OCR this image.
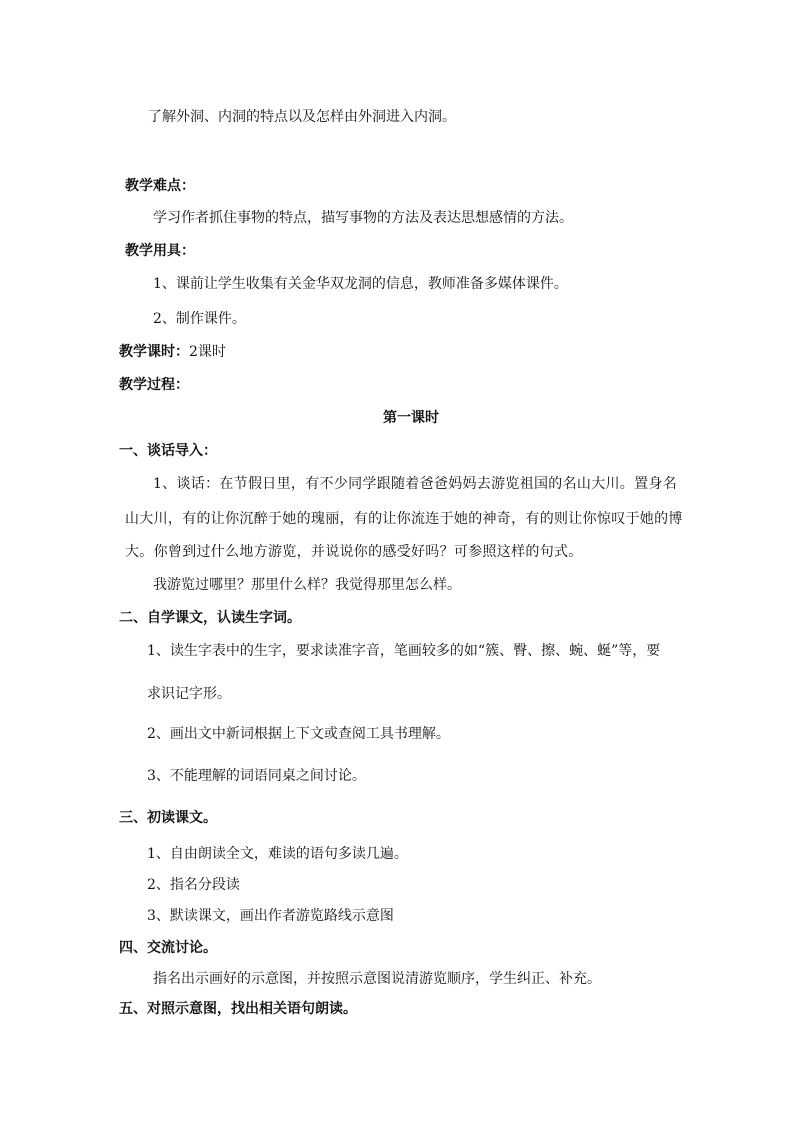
了解外洞、内洞的特点以及怎样由外洞进入内洞。
教学难点：
学习作者抓住事物的特点，描写事物的方法及表达思想感情的方法。
教学用具：
1、课前让学生收集有关金华双龙洞的信息，教师准备多媒体课件。
2、制作课件。
教学课时：2课时
教学过程：
第一课时
一、谈话导入：
1、谈话：在节假日里，有不少同学跟随着爸爸妈妈去游览祖国的名山大川。置身名
山大川，有的让你沉醉于她的瑰丽，有的让你流连于她的神奇，有的则让你惊叹于她的博
大。你曾到过什么地方游览，并说说你的感受好吗？可参照这样的句式。
我游览过哪里？那里什么样？我觉得那里怎么样。
二、自学课文，认读生字词。
1、读生字表中的生字，要求读准字音，笔画较多的如“簇、臀、擦、蜿、蜒”等，要
求识记字形。
2、画出文中新词根据上下文或查阅工具书理解。
3、不能理解的词语同桌之间讨论。
三、初读课文。
1、自由朗读全文，难读的语句多读几遍。
2、指名分段读
3、默读课文，画出作者游览路线示意图
四、交流讨论。
指名出示画好的示意图，并按照示意图说清游览顺序，学生纠正、补充。
五、对照示意图，找出相关语句朗读。
